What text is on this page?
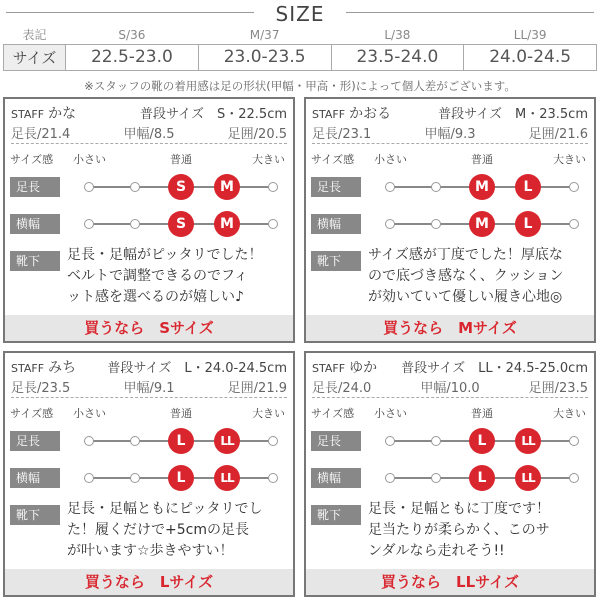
SIZE
表記	S/36	M/37	L/38	LL/39
サイズ	22.5-23.0	23.0-23.5	23.5-24.0	24.0-24.5
※スタッフの靴の着用感は足の形状(甲幅・甲高・形)によって個人差がございます。
STAFF かな	普段サイズ　S・22.5cm
足長/21.4	甲幅/8.5	足囲/20.5
サイズ感 小さい	普通	大きい
足長
横幅
靴下	足長・足幅がピッタリでした！
ベルトで調整できるのでフィ
ット感を選べるのが嬉しい♪
買うなら　Sサイズ
S	M
S	M
STAFF かおる	普段サイズ　M・23.5cm
足長/23.1	甲幅/9.3	足囲/21.6
サイズ感 小さい	普通	大きい
足長
横幅
靴下	サイズ感が丁度でした！厚底な
ので底づき感なく、クッション
が効いていて優しい履き心地◎
買うなら　Mサイズ
M	L
M	L
STAFF みち 普段サイズ　L・24.0-24.5cm
足長/23.5	甲幅/9.1	足囲/21.9
サイズ感 小さい	普通	大きい
足長
横幅
靴下	足長・足幅ともにピッタリでし
た！履くだけで+5cmの足長
が叶います☆歩きやすい！
買うなら　Lサイズ
L	LL
L	LL
STAFF ゆか 普段サイズ　LL・24.5-25.0cm
足長/24.0	甲幅/10.0	足囲/23.5
サイズ感 小さい	普通	大きい
足長
横幅
靴下	足長・足幅ともに丁度です！
足当たりが柔らかく、このサ
ンダルなら走れそう!!
買うなら　LLサイズ
L	LL
L	LL
